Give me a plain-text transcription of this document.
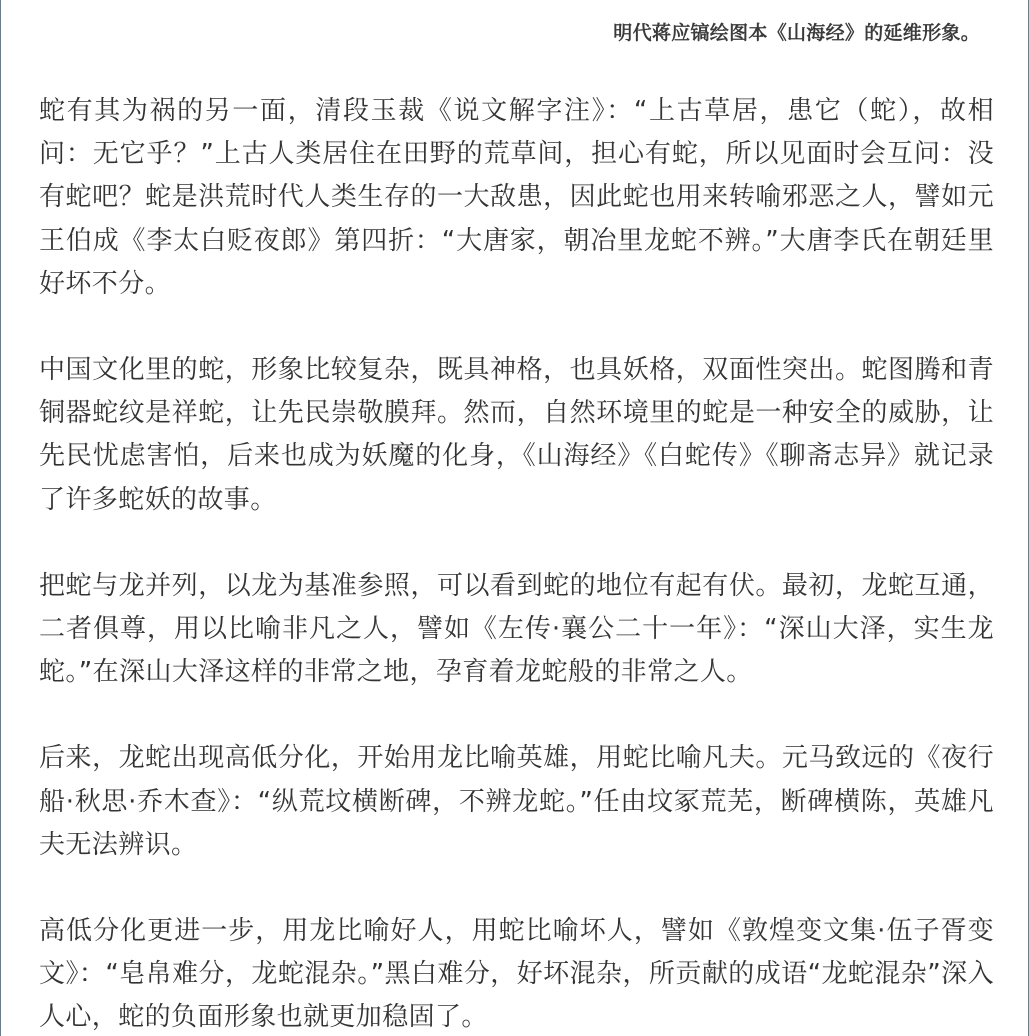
明代蒋应镐绘图本《山海经》的延维形象。

蛇有其为祸的另一面，清段玉裁《说文解字注》：“上古草居，患它（蛇），故相问：无它乎？”上古人类居住在田野的荒草间，担心有蛇，所以见面时会互问：没有蛇吧？蛇是洪荒时代人类生存的一大敌患，因此蛇也用来转喻邪恶之人，譬如元王伯成《李太白贬夜郎》第四折：“大唐家，朝冶里龙蛇不辨。”大唐李氏在朝廷里好坏不分。

中国文化里的蛇，形象比较复杂，既具神格，也具妖格，双面性突出。蛇图腾和青铜器蛇纹是祥蛇，让先民崇敬膜拜。然而，自然环境里的蛇是一种安全的威胁，让先民忧虑害怕，后来也成为妖魔的化身，《山海经》《白蛇传》《聊斋志异》就记录了许多蛇妖的故事。

把蛇与龙并列，以龙为基准参照，可以看到蛇的地位有起有伏。最初，龙蛇互通，二者俱尊，用以比喻非凡之人，譬如《左传·襄公二十一年》：“深山大泽，实生龙蛇。”在深山大泽这样的非常之地，孕育着龙蛇般的非常之人。

后来，龙蛇出现高低分化，开始用龙比喻英雄，用蛇比喻凡夫。元马致远的《夜行船·秋思·乔木查》：“纵荒坟横断碑，不辨龙蛇。”任由坟冢荒芜，断碑横陈，英雄凡夫无法辨识。

高低分化更进一步，用龙比喻好人，用蛇比喻坏人，譬如《敦煌变文集·伍子胥变文》：“皂帛难分，龙蛇混杂。”黑白难分，好坏混杂，所贡献的成语“龙蛇混杂”深入人心，蛇的负面形象也就更加稳固了。
